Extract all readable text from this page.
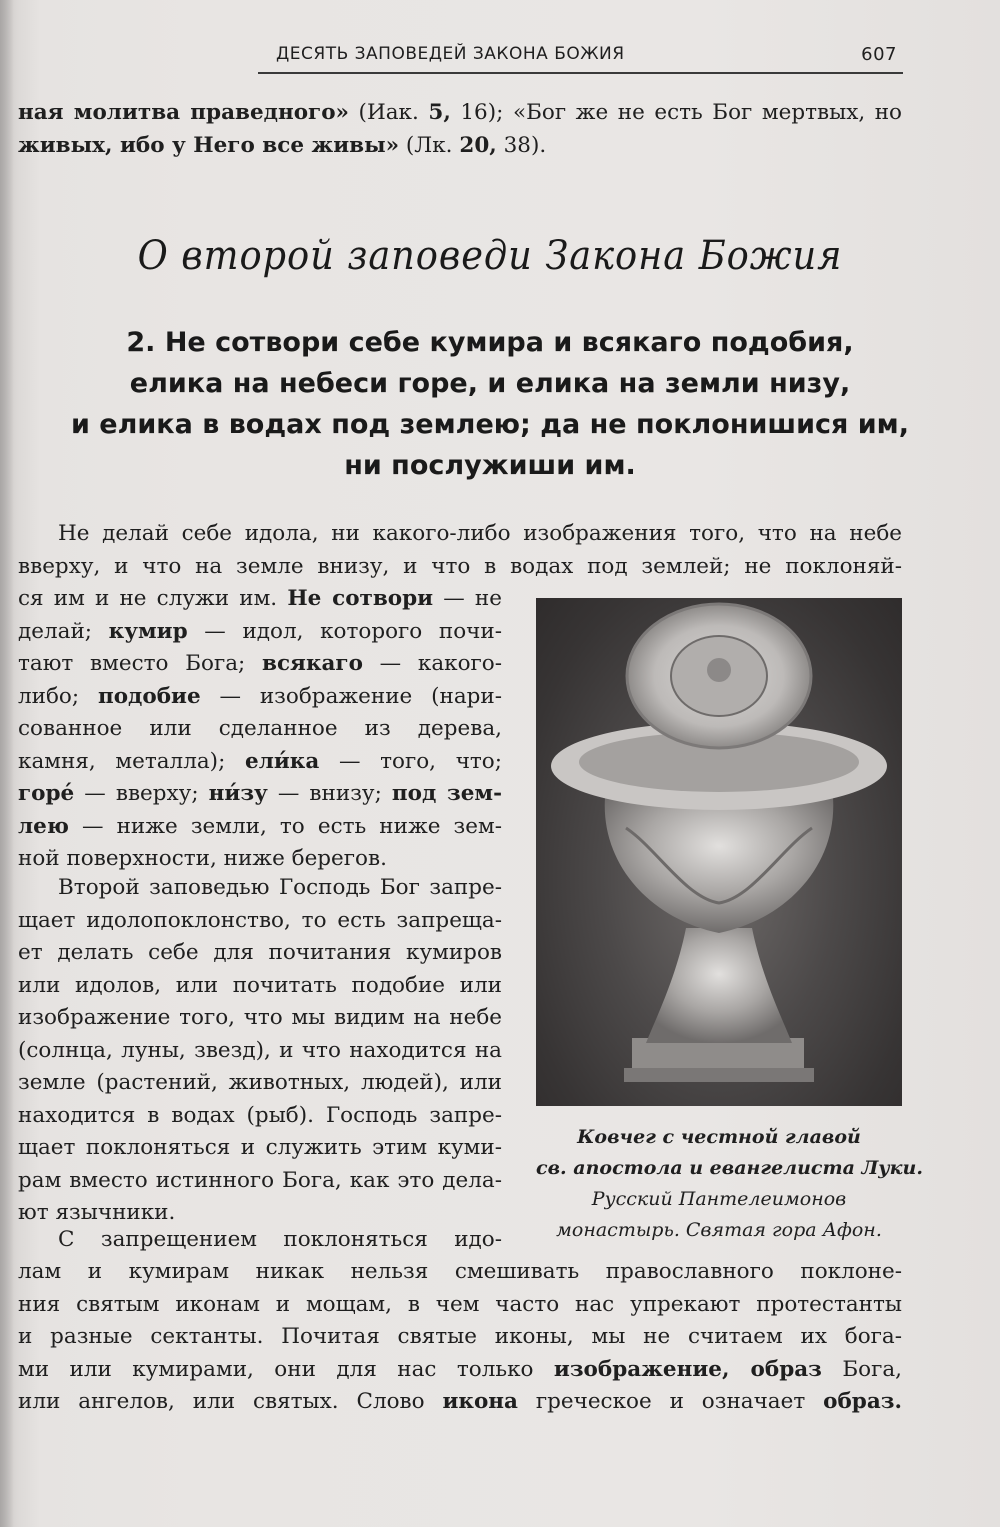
ДЕСЯТЬ ЗАПОВЕДЕЙ ЗАКОНА БОЖИЯ	607
ная молитва праведного» (Иак. 5, 16); «Бог же не есть Бог мертвых, но
живых, ибо у Него все живы» (Лк. 20, 38).
О второй заповеди Закона Божия
2. Не сотвори себе кумира и всякаго подобия,
елика на небеси горе, и елика на земли низу,
и елика в водах под землею; да не поклонишися им,
ни послужиши им.
Не делай себе идола, ни какого-либо изображения того, что на небе
вверху, и что на земле внизу, и что в водах под землей; не поклоняй-
ся им и не служи им. Не сотвори — не
делай; кумир — идол, которого почи-
тают вместо Бога; всякаго — какого-
либо; подобие — изображение (нари-
сованное или сделанное из дерева,
камня, металла); ели́ка — того, что;
горе́ — вверху; ни́зу — внизу; под зем-
лею — ниже земли, то есть ниже зем-
ной поверхности, ниже берегов.
Второй заповедью Господь Бог запре-
щает идолопоклонство, то есть запреща-
ет делать себе для почитания кумиров
или идолов, или почитать подобие или
изображение того, что мы видим на небе
(солнца, луны, звезд), и что находится на
земле (растений, животных, людей), или
находится в водах (рыб). Господь запре-
щает поклоняться и служить этим куми-
рам вместо истинного Бога, как это дела-
ют язычники.
С запрещением поклоняться идо-
лам и кумирам никак нельзя смешивать православного поклоне-
ния святым иконам и мощам, в чем часто нас упрекают протестанты
и разные сектанты. Почитая святые иконы, мы не считаем их бога-
ми или кумирами, они для нас только изображение, образ Бога,
или ангелов, или святых. Слово икона греческое и означает образ.
Ковчег с честной главой
св. апостола и евангелиста Луки.
Русский Пантелеимонов
монастырь. Святая гора Афон.
